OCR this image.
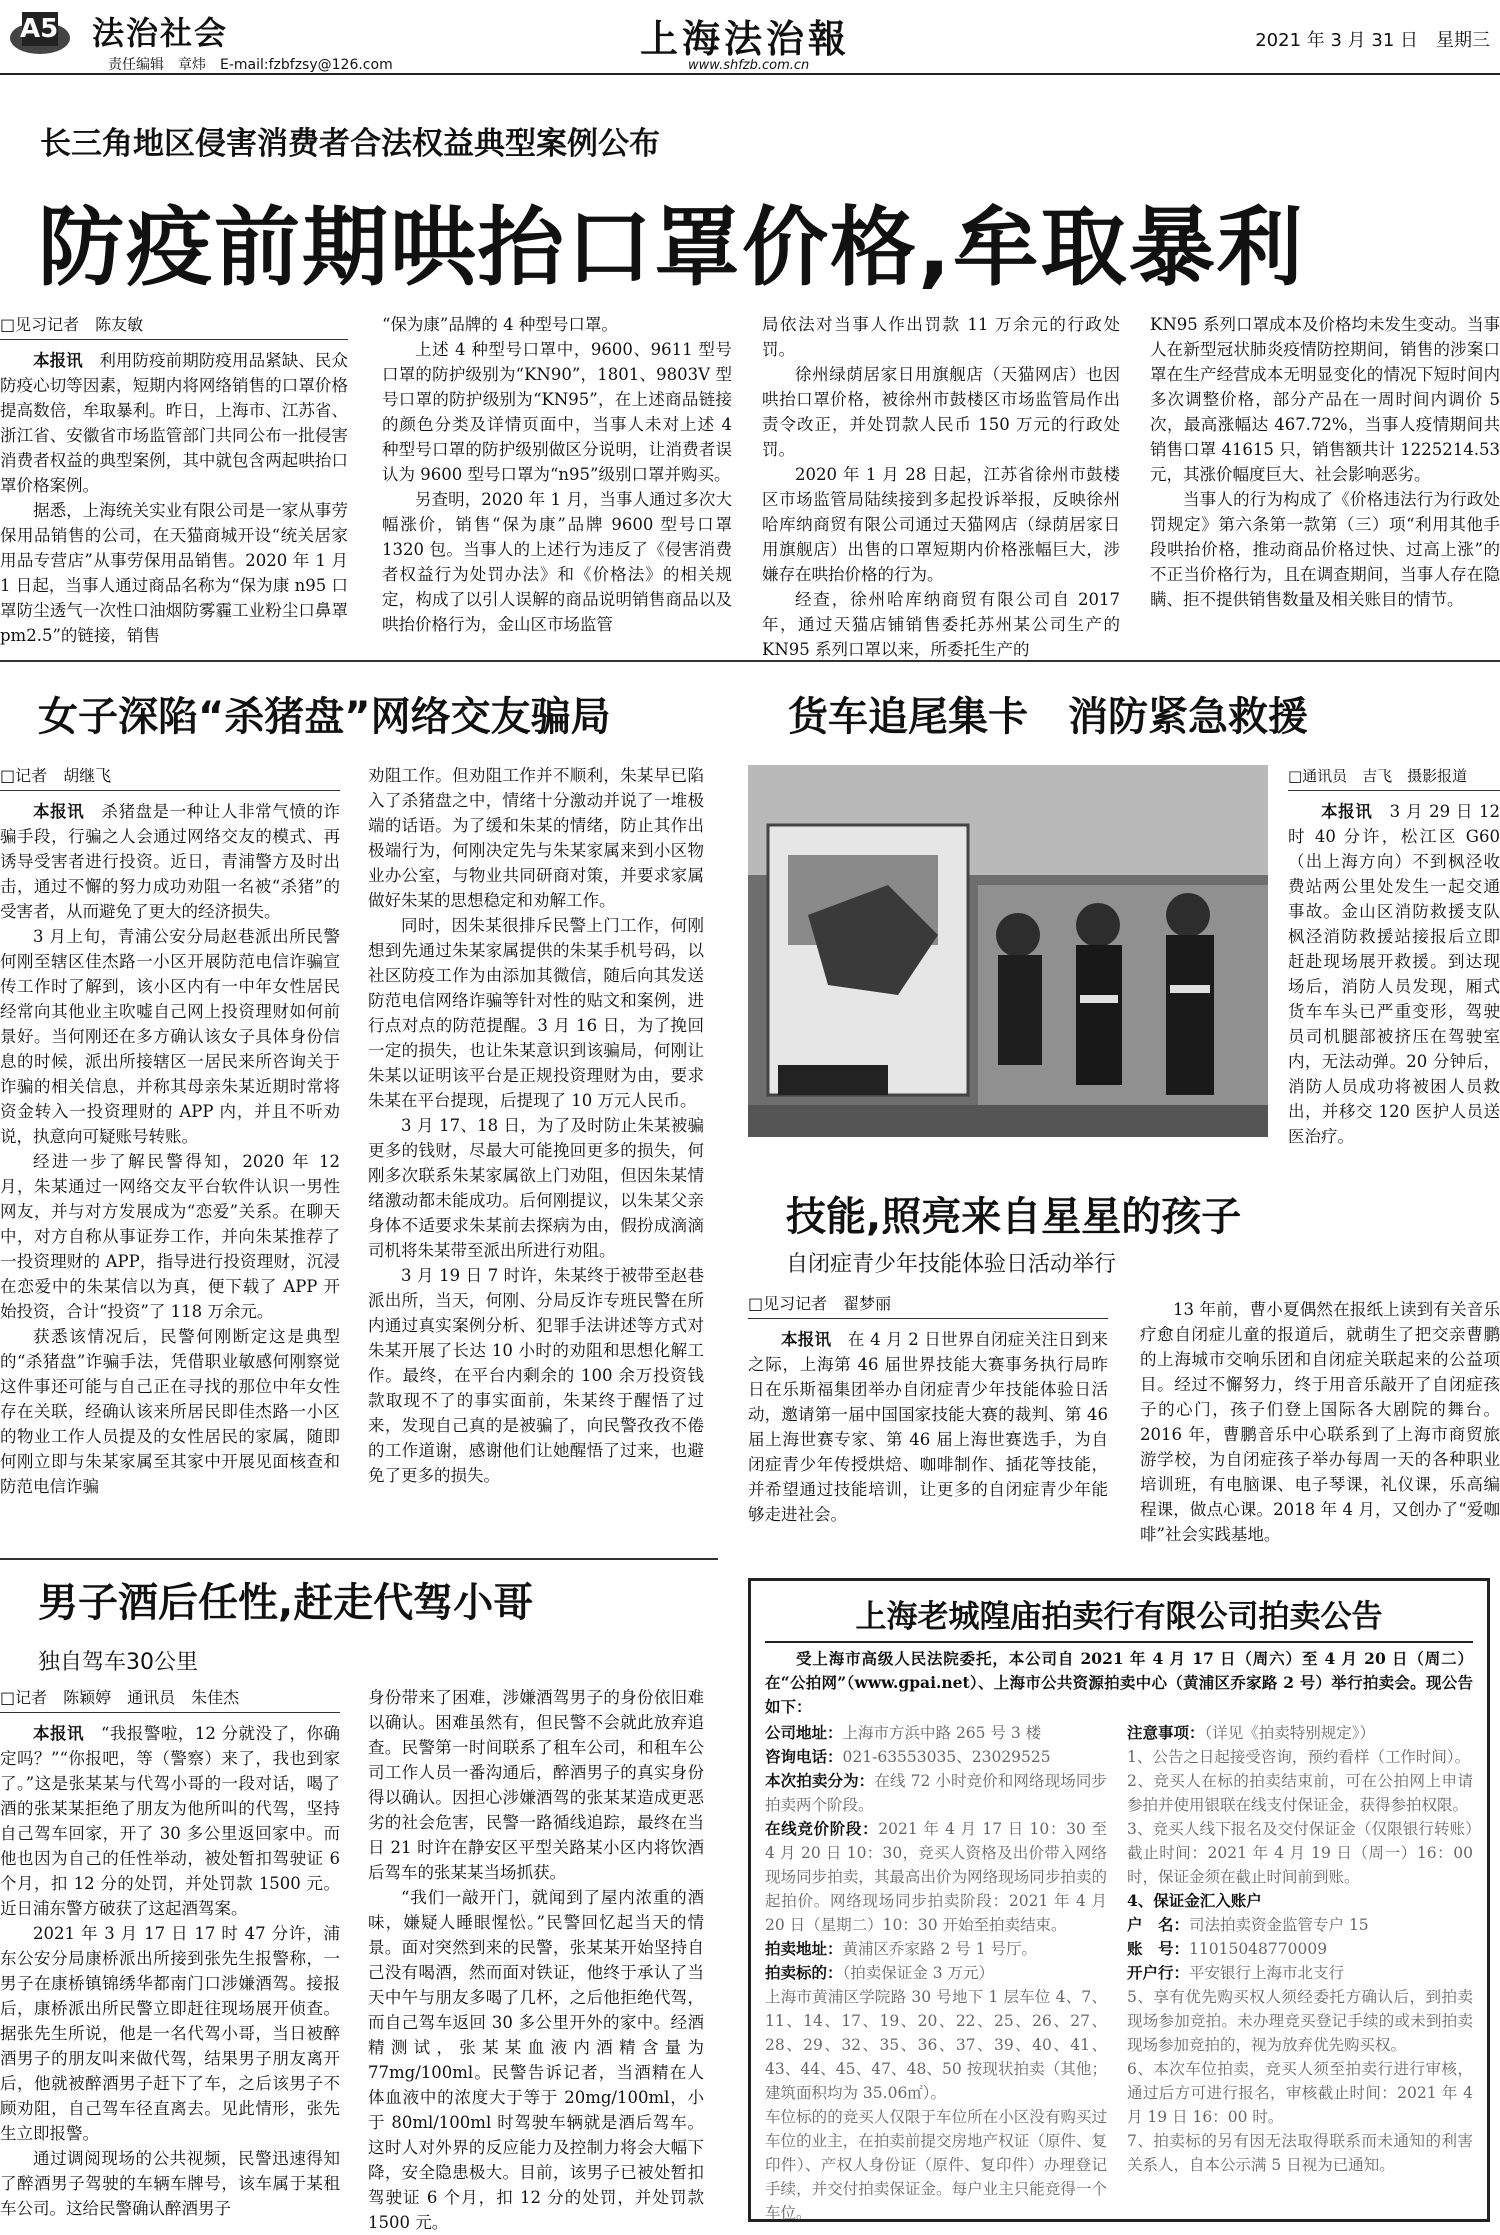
A5 法治社会
责任编辑　章炜　E-mail:fzbfzsy@126.com
上海法治報
www.shfzb.com.cn
2021 年 3 月 31 日　星期三
长三角地区侵害消费者合法权益典型案例公布
防疫前期哄抬口罩价格,牟取暴利
□见习记者　陈友敏

本报讯　利用防疫前期防疫用品紧缺、民众防疫心切等因素，短期内将网络销售的口罩价格提高数倍，牟取暴利。昨日，上海市、江苏省、浙江省、安徽省市场监管部门共同公布一批侵害消费者权益的典型案例，其中就包含两起哄抬口罩价格案例。

据悉，上海统关实业有限公司是一家从事劳保用品销售的公司，在天猫商城开设“统关居家用品专营店”从事劳保用品销售。2020 年 1 月 1 日起，当事人通过商品名称为“保为康 n95 口罩防尘透气一次性口油烟防雾霾工业粉尘口鼻罩 pm2.5”的链接，销售

“保为康”品牌的 4 种型号口罩。

上述 4 种型号口罩中，9600、9611 型号口罩的防护级别为“KN90”，1801、9803V 型号口罩的防护级别为“KN95”，在上述商品链接的颜色分类及详情页面中，当事人未对上述 4 种型号口罩的防护级别做区分说明，让消费者误认为 9600 型号口罩为“n95”级别口罩并购买。

另查明，2020 年 1 月，当事人通过多次大幅涨价，销售“保为康”品牌 9600 型号口罩 1320 包。当事人的上述行为违反了《侵害消费者权益行为处罚办法》和《价格法》的相关规定，构成了以引人误解的商品说明销售商品以及哄抬价格行为，金山区市场监管

局依法对当事人作出罚款 11 万余元的行政处罚。

徐州绿荫居家日用旗舰店（天猫网店）也因哄抬口罩价格，被徐州市鼓楼区市场监管局作出责令改正，并处罚款人民币 150 万元的行政处罚。

2020 年 1 月 28 日起，江苏省徐州市鼓楼区市场监管局陆续接到多起投诉举报，反映徐州哈库纳商贸有限公司通过天猫网店（绿荫居家日用旗舰店）出售的口罩短期内价格涨幅巨大，涉嫌存在哄抬价格的行为。

经查，徐州哈库纳商贸有限公司自 2017 年，通过天猫店铺销售委托苏州某公司生产的 KN95 系列口罩以来，所委托生产的

KN95 系列口罩成本及价格均未发生变动。当事人在新型冠状肺炎疫情防控期间，销售的涉案口罩在生产经营成本无明显变化的情况下短时间内多次调整价格，部分产品在一周时间内调价 5 次，最高涨幅达 467.72%，当事人疫情期间共销售口罩 41615 只，销售额共计 1225214.53 元，其涨价幅度巨大、社会影响恶劣。

当事人的行为构成了《价格违法行为行政处罚规定》第六条第一款第（三）项“利用其他手段哄抬价格，推动商品价格过快、过高上涨”的不正当价格行为，且在调查期间，当事人存在隐瞒、拒不提供销售数量及相关账目的情节。

女子深陷“杀猪盘”网络交友骗局
□记者　胡继飞

本报讯　杀猪盘是一种让人非常气愤的诈骗手段，行骗之人会通过网络交友的模式、再诱导受害者进行投资。近日，青浦警方及时出击，通过不懈的努力成功劝阻一名被“杀猪”的受害者，从而避免了更大的经济损失。

3 月上旬，青浦公安分局赵巷派出所民警何刚至辖区佳杰路一小区开展防范电信诈骗宣传工作时了解到，该小区内有一中年女性居民经常向其他业主吹嘘自己网上投资理财如何前景好。当何刚还在多方确认该女子具体身份信息的时候，派出所接辖区一居民来所咨询关于诈骗的相关信息，并称其母亲朱某近期时常将资金转入一投资理财的 APP 内，并且不听劝说，执意向可疑账号转账。

经进一步了解民警得知，2020 年 12 月，朱某通过一网络交友平台软件认识一男性网友，并与对方发展成为“恋爱”关系。在聊天中，对方自称从事证券工作，并向朱某推荐了一投资理财的 APP，指导进行投资理财，沉浸在恋爱中的朱某信以为真，便下载了 APP 开始投资，合计“投资”了 118 万余元。

获悉该情况后，民警何刚断定这是典型的“杀猪盘”诈骗手法，凭借职业敏感何刚察觉这件事还可能与自己正在寻找的那位中年女性存在关联，经确认该来所居民即佳杰路一小区的物业工作人员提及的女性居民的家属，随即何刚立即与朱某家属至其家中开展见面核查和防范电信诈骗

劝阻工作。但劝阻工作并不顺利，朱某早已陷入了杀猪盘之中，情绪十分激动并说了一堆极端的话语。为了缓和朱某的情绪，防止其作出极端行为，何刚决定先与朱某家属来到小区物业办公室，与物业共同研商对策，并要求家属做好朱某的思想稳定和劝解工作。

同时，因朱某很排斥民警上门工作，何刚想到先通过朱某家属提供的朱某手机号码，以社区防疫工作为由添加其微信，随后向其发送防范电信网络诈骗等针对性的贴文和案例，进行点对点的防范提醒。3 月 16 日，为了挽回一定的损失，也让朱某意识到该骗局，何刚让朱某以证明该平台是正规投资理财为由，要求朱某在平台提现，后提现了 10 万元人民币。

3 月 17、18 日，为了及时防止朱某被骗更多的钱财，尽最大可能挽回更多的损失，何刚多次联系朱某家属欲上门劝阻，但因朱某情绪激动都未能成功。后何刚提议，以朱某父亲身体不适要求朱某前去探病为由，假扮成滴滴司机将朱某带至派出所进行劝阻。

3 月 19 日 7 时许，朱某终于被带至赵巷派出所，当天，何刚、分局反诈专班民警在所内通过真实案例分析、犯罪手法讲述等方式对朱某开展了长达 10 小时的劝阻和思想化解工作。最终，在平台内剩余的 100 余万投资钱款取现不了的事实面前，朱某终于醒悟了过来，发现自己真的是被骗了，向民警孜孜不倦的工作道谢，感谢他们让她醒悟了过来，也避免了更多的损失。

货车追尾集卡　消防紧急救援
□通讯员　吉飞　摄影报道

本报讯　3 月 29 日 12 时 40 分许，松江区 G60（出上海方向）不到枫泾收费站两公里处发生一起交通事故。金山区消防救援支队枫泾消防救援站接报后立即赶赴现场展开救援。到达现场后，消防人员发现，厢式货车车头已严重变形，驾驶员司机腿部被挤压在驾驶室内，无法动弹。20 分钟后，消防人员成功将被困人员救出，并移交 120 医护人员送医治疗。

技能,照亮来自星星的孩子
自闭症青少年技能体验日活动举行
□见习记者　翟梦丽

本报讯　在 4 月 2 日世界自闭症关注日到来之际，上海第 46 届世界技能大赛事务执行局昨日在乐斯福集团举办自闭症青少年技能体验日活动，邀请第一届中国国家技能大赛的裁判、第 46 届上海世赛专家、第 46 届上海世赛选手，为自闭症青少年传授烘焙、咖啡制作、插花等技能，并希望通过技能培训，让更多的自闭症青少年能够走进社会。

13 年前，曹小夏偶然在报纸上读到有关音乐疗愈自闭症儿童的报道后，就萌生了把交亲曹鹏的上海城市交响乐团和自闭症关联起来的公益项目。经过不懈努力，终于用音乐敲开了自闭症孩子的心门，孩子们登上国际各大剧院的舞台。2016 年，曹鹏音乐中心联系到了上海市商贸旅游学校，为自闭症孩子举办每周一天的各种职业培训班，有电脑课、电子琴课，礼仪课，乐高编程课，做点心课。2018 年 4 月，又创办了“爱咖啡”社会实践基地。

男子酒后任性,赶走代驾小哥
独自驾车30公里
□记者　陈颖婷　通讯员　朱佳杰

本报讯　“我报警啦，12 分就没了，你确定吗？”“你报吧，等（警察）来了，我也到家了。”这是张某某与代驾小哥的一段对话，喝了酒的张某某拒绝了朋友为他所叫的代驾，坚持自己驾车回家，开了 30 多公里返回家中。而他也因为自己的任性举动，被处暂扣驾驶证 6 个月，扣 12 分的处罚，并处罚款 1500 元。近日浦东警方破获了这起酒驾案。

2021 年 3 月 17 日 17 时 47 分许，浦东公安分局康桥派出所接到张先生报警称，一男子在康桥镇锦绣华都南门口涉嫌酒驾。接报后，康桥派出所民警立即赶往现场展开侦查。据张先生所说，他是一名代驾小哥，当日被醉酒男子的朋友叫来做代驾，结果男子朋友离开后，他就被醉酒男子赶下了车，之后该男子不顾劝阻，自己驾车径直离去。见此情形，张先生立即报警。

通过调阅现场的公共视频，民警迅速得知了醉酒男子驾驶的车辆车牌号，该车属于某租车公司。这给民警确认醉酒男子

身份带来了困难，涉嫌酒驾男子的身份依旧难以确认。困难虽然有，但民警不会就此放弃追查。民警第一时间联系了租车公司，和租车公司工作人员一番沟通后，醉酒男子的真实身份得以确认。因担心涉嫌酒驾的张某某造成更恶劣的社会危害，民警一路循线追踪，最终在当日 21 时许在静安区平型关路某小区内将饮酒后驾车的张某某当场抓获。

“我们一敲开门，就闻到了屋内浓重的酒味，嫌疑人睡眼惺忪。”民警回忆起当天的情景。面对突然到来的民警，张某某开始坚持自己没有喝酒，然而面对铁证，他终于承认了当天中午与朋友多喝了几杯，之后他拒绝代驾，而自己驾车返回 30 多公里开外的家中。经酒精测试，张某某血液内酒精含量为 77mg/100ml。民警告诉记者，当酒精在人体血液中的浓度大于等于 20mg/100ml，小于 80ml/100ml 时驾驶车辆就是酒后驾车。这时人对外界的反应能力及控制力将会大幅下降，安全隐患极大。目前，该男子已被处暂扣驾驶证 6 个月，扣 12 分的处罚，并处罚款 1500 元。

上海老城隍庙拍卖行有限公司拍卖公告

受上海市高级人民法院委托，本公司自 2021 年 4 月 17 日（周六）至 4 月 20 日（周二）在“公拍网”（www.gpai.net）、上海市公共资源拍卖中心（黄浦区乔家路 2 号）举行拍卖会。现公告如下：

公司地址：上海市方浜中路 265 号 3 楼

咨询电话：021-63553035、23029525

本次拍卖分为：在线 72 小时竞价和网络现场同步拍卖两个阶段。

在线竞价阶段：2021 年 4 月 17 日 10：30 至 4 月 20 日 10：30，竞买人资格及出价带入网络现场同步拍卖，其最高出价为网络现场同步拍卖的起拍价。网络现场同步拍卖阶段：2021 年 4 月 20 日（星期二）10：30 开始至拍卖结束。

拍卖地址：黄浦区乔家路 2 号 1 号厅。

拍卖标的：（拍卖保证金 3 万元）

上海市黄浦区学院路 30 号地下 1 层车位 4、7、11、14、17、19、20、22、25、26、27、28、29、32、35、36、37、39、40、41、43、44、45、47、48、50 按现状拍卖（其他；建筑面积均为 35.06㎡）。

车位标的的竞买人仅限于车位所在小区没有购买过车位的业主，在拍卖前提交房地产权证（原件、复印件）、产权人身份证（原件、复印件）办理登记手续，并交付拍卖保证金。每户业主只能竞得一个车位。

注意事项：（详见《拍卖特别规定》）

1、公告之日起接受咨询，预约看样（工作时间）。

2、竞买人在标的拍卖结束前，可在公拍网上申请参拍并使用银联在线支付保证金，获得参拍权限。

3、竞买人线下报名及交付保证金（仅限银行转账）截止时间：2021 年 4 月 19 日（周一）16：00 时，保证金须在截止时间前到账。

4、保证金汇入账户

户　名：司法拍卖资金监管专户 15

账　号：11015048770009

开户行：平安银行上海市北支行

5、享有优先购买权人须经委托方确认后，到拍卖现场参加竞拍。未办理竞买登记手续的或未到拍卖现场参加竞拍的，视为放弃优先购买权。

6、本次车位拍卖，竞买人须至拍卖行进行审核，通过后方可进行报名，审核截止时间：2021 年 4 月 19 日 16：00 时。

7、拍卖标的另有因无法取得联系而未通知的利害关系人，自本公示满 5 日视为已通知。
